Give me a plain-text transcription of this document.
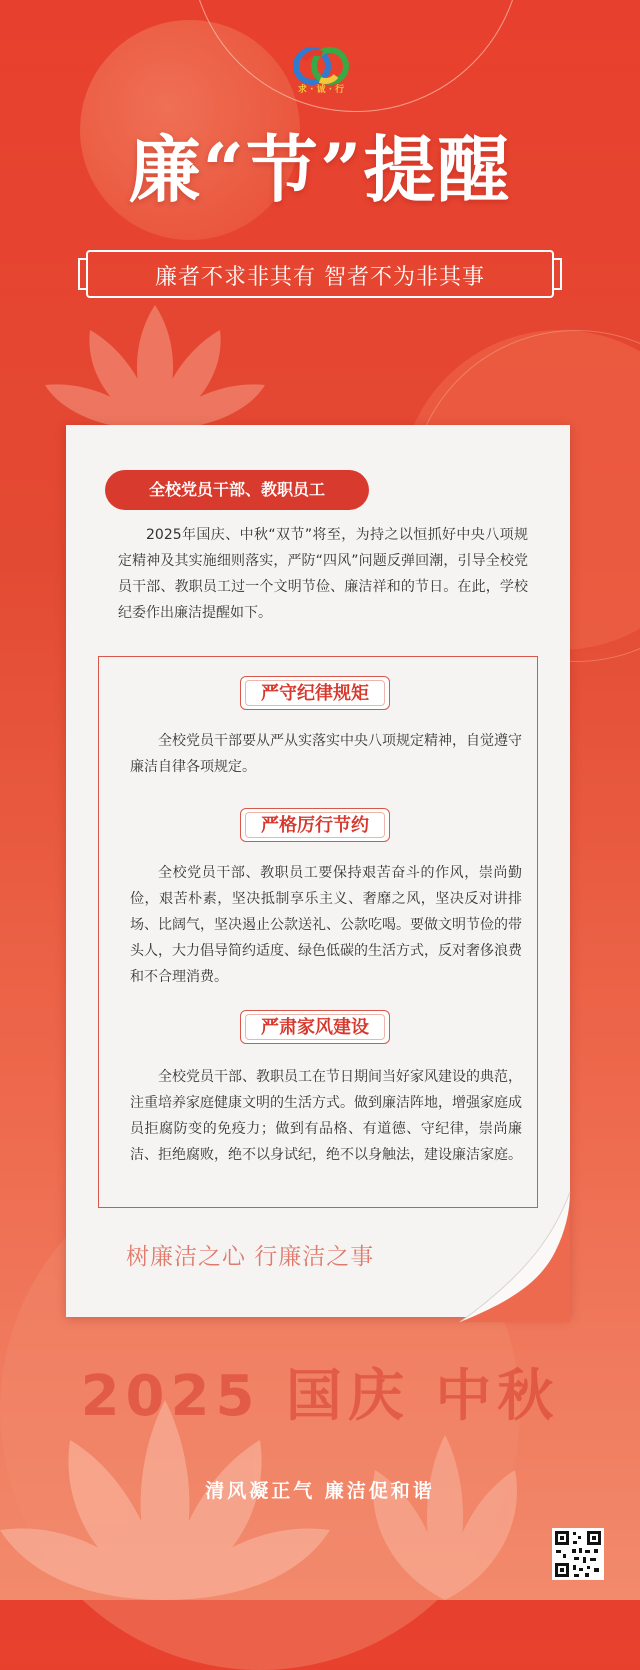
求 · 诚 · 行
廉“节”提醒
廉者不求非其有 智者不为非其事
全校党员干部、教职员工
2025年国庆、中秋“双节”将至，为持之以恒抓好中央八项规定精神及其实施细则落实，严防“四风”问题反弹回潮，引导全校党员干部、教职员工过一个文明节俭、廉洁祥和的节日。在此，学校纪委作出廉洁提醒如下。
严守纪律规矩
全校党员干部要从严从实落实中央八项规定精神，自觉遵守廉洁自律各项规定。
严格厉行节约
全校党员干部、教职员工要保持艰苦奋斗的作风，崇尚勤俭，艰苦朴素，坚决抵制享乐主义、奢靡之风，坚决反对讲排场、比阔气，坚决遏止公款送礼、公款吃喝。要做文明节俭的带头人，大力倡导简约适度、绿色低碳的生活方式，反对奢侈浪费和不合理消费。
严肃家风建设
全校党员干部、教职员工在节日期间当好家风建设的典范，注重培养家庭健康文明的生活方式。做到廉洁阵地，增强家庭成员拒腐防变的免疫力；做到有品格、有道德、守纪律，崇尚廉洁、拒绝腐败，绝不以身试纪，绝不以身触法，建设廉洁家庭。
树廉洁之心 行廉洁之事
2025 国庆 中秋
清风凝正气 廉洁促和谐
